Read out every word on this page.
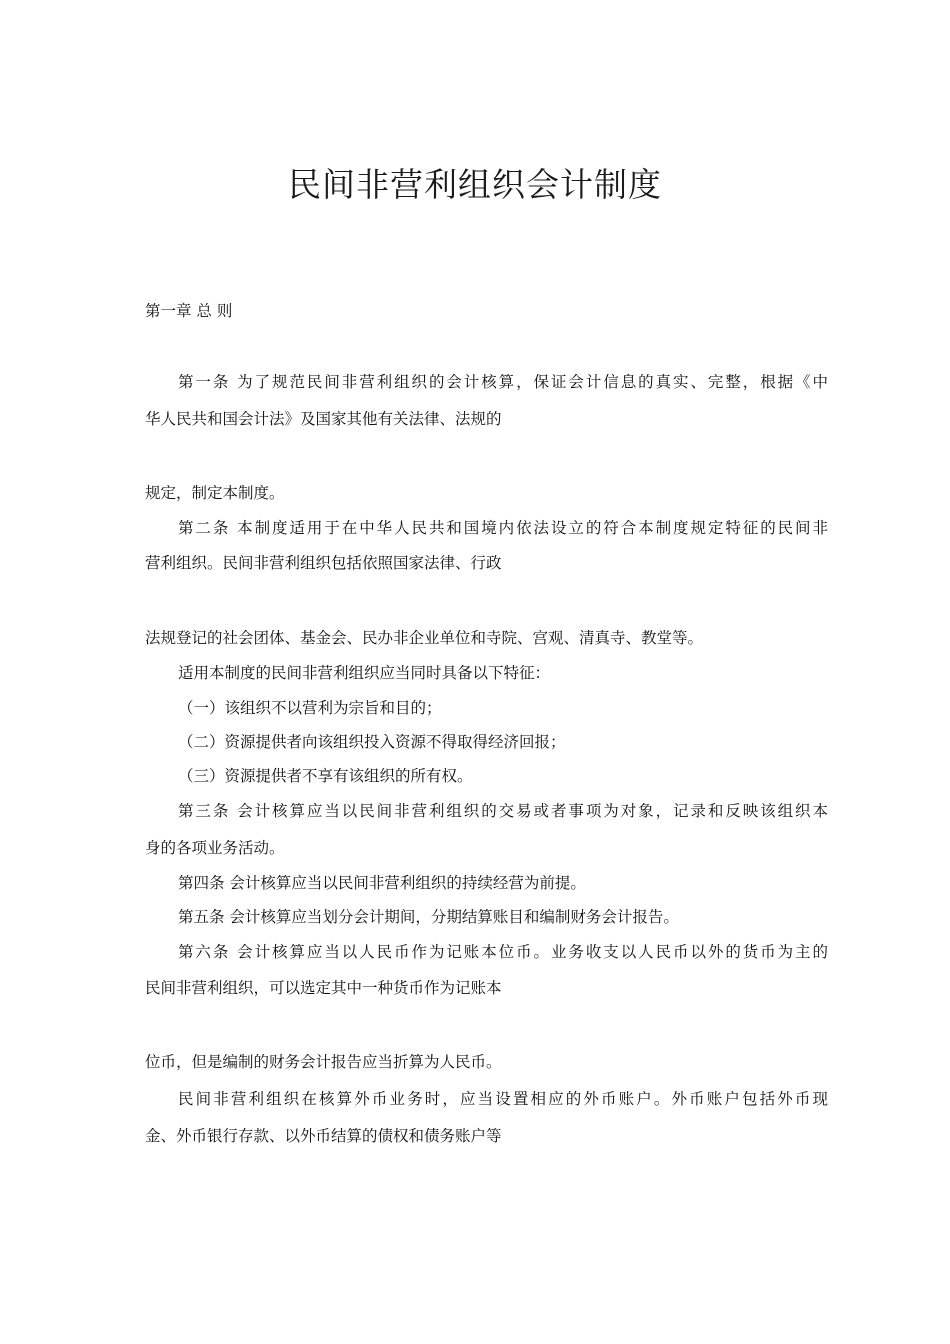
民间非营利组织会计制度
第一章 总 则
第一条 为了规范民间非营利组织的会计核算，保证会计信息的真实、完整，根据《中
华人民共和国会计法》及国家其他有关法律、法规的
规定，制定本制度。
第二条 本制度适用于在中华人民共和国境内依法设立的符合本制度规定特征的民间非
营利组织。民间非营利组织包括依照国家法律、行政
法规登记的社会团体、基金会、民办非企业单位和寺院、宫观、清真寺、教堂等。
适用本制度的民间非营利组织应当同时具备以下特征：
（一）该组织不以营利为宗旨和目的；
（二）资源提供者向该组织投入资源不得取得经济回报；
（三）资源提供者不享有该组织的所有权。
第三条 会计核算应当以民间非营利组织的交易或者事项为对象，记录和反映该组织本
身的各项业务活动。
第四条 会计核算应当以民间非营利组织的持续经营为前提。
第五条 会计核算应当划分会计期间，分期结算账目和编制财务会计报告。
第六条 会计核算应当以人民币作为记账本位币。业务收支以人民币以外的货币为主的
民间非营利组织，可以选定其中一种货币作为记账本
位币，但是编制的财务会计报告应当折算为人民币。
民间非营利组织在核算外币业务时，应当设置相应的外币账户。外币账户包括外币现
金、外币银行存款、以外币结算的债权和债务账户等
